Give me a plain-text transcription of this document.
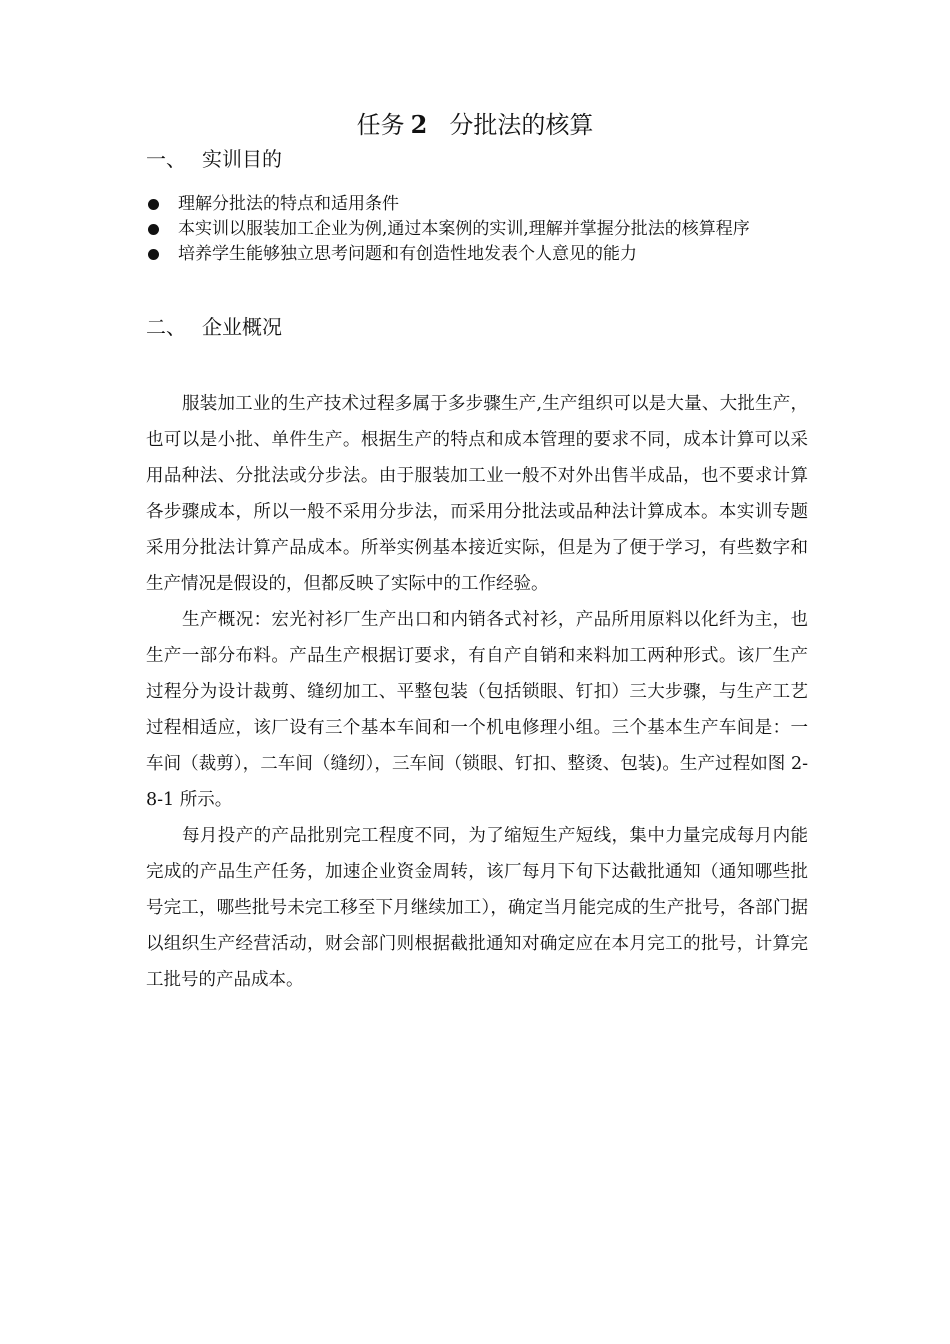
任务 2 分批法的核算
一、 实训目的
理解分批法的特点和适用条件
本实训以服装加工企业为例,通过本案例的实训,理解并掌握分批法的核算程序
培养学生能够独立思考问题和有创造性地发表个人意见的能力
二、 企业概况

服装加工业的生产技术过程多属于多步骤生产,生产组织可以是大量、大批生产，也可以是小批、单件生产。根据生产的特点和成本管理的要求不同，成本计算可以采用品种法、分批法或分步法。由于服装加工业一般不对外出售半成品，也不要求计算各步骤成本，所以一般不采用分步法，而采用分批法或品种法计算成本。本实训专题采用分批法计算产品成本。所举实例基本接近实际，但是为了便于学习，有些数字和生产情况是假设的，但都反映了实际中的工作经验。

生产概况：宏光衬衫厂生产出口和内销各式衬衫，产品所用原料以化纤为主，也生产一部分布料。产品生产根据订要求，有自产自销和来料加工两种形式。该厂生产过程分为设计裁剪、缝纫加工、平整包装（包括锁眼、钉扣）三大步骤，与生产工艺过程相适应，该厂设有三个基本车间和一个机电修理小组。三个基本生产车间是：一车间（裁剪），二车间（缝纫），三车间（锁眼、钉扣、整烫、包装)。生产过程如图 2-8-1 所示。

每月投产的产品批别完工程度不同，为了缩短生产短线，集中力量完成每月内能完成的产品生产任务，加速企业资金周转，该厂每月下旬下达截批通知（通知哪些批号完工，哪些批号未完工移至下月继续加工），确定当月能完成的生产批号，各部门据以组织生产经营活动，财会部门则根据截批通知对确定应在本月完工的批号，计算完工批号的产品成本。
